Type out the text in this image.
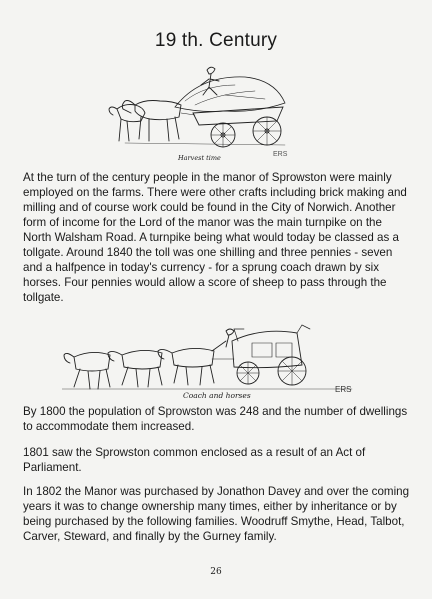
19 th. Century
Harvest time	ERS
At the turn of the century people in the manor of Sprowston were mainly employed on the farms. There were other crafts including brick making and milling and of course work could be found in the City of Norwich. Another form of income for the Lord of the manor was the main turnpike on the North Walsham Road. A turnpike being what would today be classed as a tollgate. Around 1840 the toll was one shilling and three pennies - seven and a halfpence in today's currency - for a sprung coach drawn by six horses. Four pennies would allow a score of sheep to pass through the tollgate.
Coach and horses
ERS
By 1800 the population of Sprowston was 248 and the number of dwellings to accommodate them increased.
1801 saw the Sprowston common enclosed as a result of an Act of Parliament.
In 1802 the Manor was purchased by Jonathon Davey and over the coming years it was to change ownership many times, either by inheritance or by being purchased by the following families. Woodruff Smythe, Head, Talbot, Carver, Steward, and finally by the Gurney family.
26
